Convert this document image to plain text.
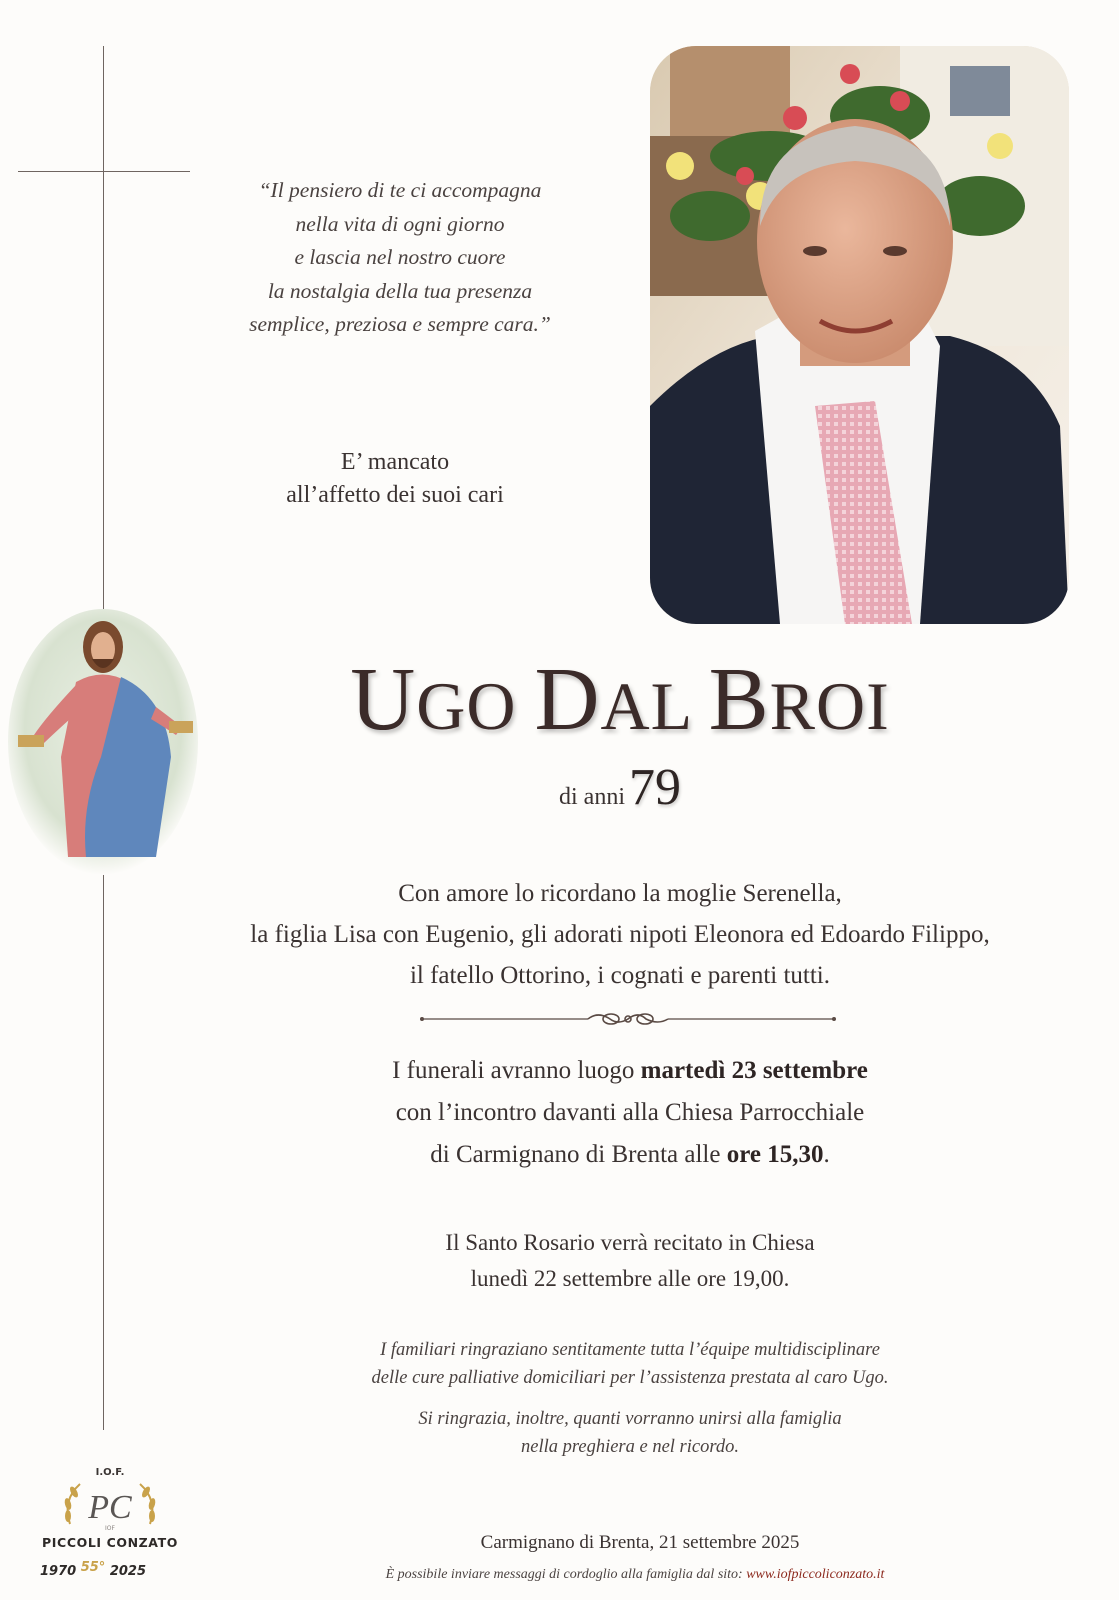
“Il pensiero di te ci accompagna
nella vita di ogni giorno
e lascia nel nostro cuore
la nostalgia della tua presenza
semplice, preziosa e sempre cara.”
E’ mancato
all’affetto dei suoi cari
UGO DAL BROI
di anni 79
Con amore lo ricordano la moglie Serenella,
la figlia Lisa con Eugenio, gli adorati nipoti Eleonora ed Edoardo Filippo,
il fatello Ottorino, i cognati e parenti tutti.
I funerali avranno luogo martedì 23 settembre
con l’incontro davanti alla Chiesa Parrocchiale
di Carmignano di Brenta alle ore 15,30.
Il Santo Rosario verrà recitato in Chiesa
lunedì 22 settembre alle ore 19,00.
I familiari ringraziano sentitamente tutta l’équipe multidisciplinare
delle cure palliative domiciliari per l’assistenza prestata al caro Ugo.
Si ringrazia, inoltre, quanti vorranno unirsi alla famiglia
nella preghiera e nel ricordo.
PC
IOF
I.O.F.
PICCOLI CONZATO
1970 55° 2025
Carmignano di Brenta, 21 settembre 2025
È possibile inviare messaggi di cordoglio alla famiglia dal sito: www.iofpiccoliconzato.it
